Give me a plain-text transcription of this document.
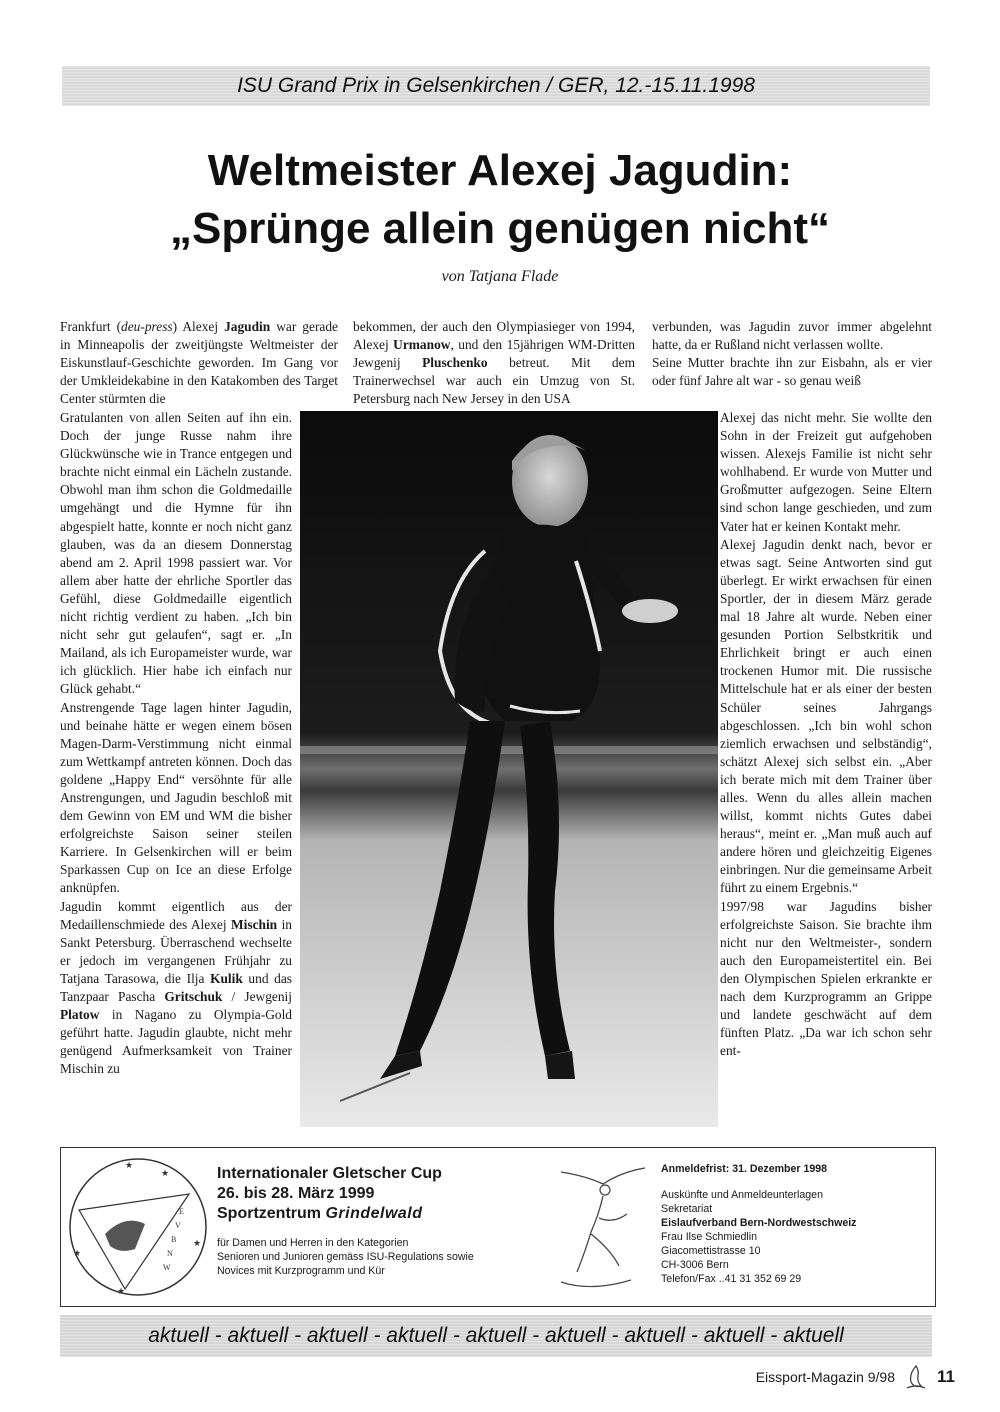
ISU Grand Prix in Gelsenkirchen / GER, 12.-15.11.1998
Weltmeister Alexej Jagudin:
„Sprünge allein genügen nicht“
von Tatjana Flade

Frankfurt (deu-press) Alexej Jagudin war gerade in Minneapolis der zweitjüngste Weltmeister der Eiskunstlauf-Geschichte geworden. Im Gang vor der Umkleidekabine in den Katakomben des Target Center stürmten die

Gratulanten von allen Seiten auf ihn ein. Doch der junge Russe nahm ihre Glückwünsche wie in Trance entgegen und brachte nicht einmal ein Lächeln zustande. Obwohl man ihm schon die Goldmedaille umgehängt und die Hymne für ihn abgespielt hatte, konnte er noch nicht ganz glauben, was da an diesem Donnerstag abend am 2. April 1998 passiert war. Vor allem aber hatte der ehrliche Sportler das Gefühl, diese Goldmedaille eigentlich nicht richtig verdient zu haben. „Ich bin nicht sehr gut gelaufen“, sagt er. „In Mailand, als ich Europameister wurde, war ich glücklich. Hier habe ich einfach nur Glück gehabt.“

Anstrengende Tage lagen hinter Jagudin, und beinahe hätte er wegen einem bösen Magen-Darm-Verstimmung nicht einmal zum Wettkampf antreten können. Doch das goldene „Happy End“ versöhnte für alle Anstrengungen, und Jagudin beschloß mit dem Gewinn von EM und WM die bisher erfolgreichste Saison seiner steilen Karriere. In Gelsenkirchen will er beim Sparkassen Cup on Ice an diese Erfolge anknüpfen.

Jagudin kommt eigentlich aus der Medaillenschmiede des Alexej Mischin in Sankt Petersburg. Überraschend wechselte er jedoch im vergangenen Frühjahr zu Tatjana Tarasowa, die Ilja Kulik und das Tanzpaar Pascha Gritschuk / Jewgenij Platow in Nagano zu Olympia-Gold geführt hatte. Jagudin glaubte, nicht mehr genügend Aufmerksamkeit von Trainer Mischin zu

bekommen, der auch den Olympiasieger von 1994, Alexej Urmanow, und den 15jährigen WM-Dritten Jewgenij Pluschenko betreut. Mit dem Trainerwechsel war auch ein Umzug von St. Petersburg nach New Jersey in den USA

verbunden, was Jagudin zuvor immer abgelehnt hatte, da er Rußland nicht verlassen wollte.

Seine Mutter brachte ihn zur Eisbahn, als er vier oder fünf Jahre alt war - so genau weiß

Alexej das nicht mehr. Sie wollte den Sohn in der Freizeit gut aufgehoben wissen. Alexejs Familie ist nicht sehr wohlhabend. Er wurde von Mutter und Großmutter aufgezogen. Seine Eltern sind schon lange geschieden, und zum Vater hat er keinen Kontakt mehr.

Alexej Jagudin denkt nach, bevor er etwas sagt. Seine Antworten sind gut überlegt. Er wirkt erwachsen für einen Sportler, der in diesem März gerade mal 18 Jahre alt wurde. Neben einer gesunden Portion Selbstkritik und Ehrlichkeit bringt er auch einen trockenen Humor mit. Die russische Mittelschule hat er als einer der besten Schüler seines Jahrgangs abgeschlossen. „Ich bin wohl schon ziemlich erwachsen und selbständig“, schätzt Alexej sich selbst ein. „Aber ich berate mich mit dem Trainer über alles. Wenn du alles allein machen willst, kommt nichts Gutes dabei heraus“, meint er. „Man muß auch auf andere hören und gleichzeitig Eigenes einbringen. Nur die gemeinsame Arbeit führt zu einem Ergebnis.“

1997/98 war Jagudins bisher erfolgreichste Saison. Sie brachte ihm nicht nur den Weltmeister-, sondern auch den Europameistertitel ein. Bei den Olympischen Spielen erkrankte er nach dem Kurzprogramm an Grippe und landete geschwächt auf dem fünften Platz. „Da war ich schon sehr ent-

★
★
★
★
★
E
V
B
N
W
Internationaler Gletscher Cup
26. bis 28. März 1999
Sportzentrum Grindelwald
für Damen und Herren in den Kategorien
Senioren und Junioren gemäss ISU-Regulations sowie
Novices mit Kurzprogramm und Kür
Anmeldefrist: 31. Dezember 1998
Auskünfte und Anmeldeunterlagen
Sekretariat
Eislaufverband Bern-Nordwestschweiz
Frau Ilse Schmiedlin
Giacomettistrasse 10
CH-3006 Bern
Telefon/Fax ..41 31 352 69 29
aktuell - aktuell - aktuell - aktuell - aktuell - aktuell - aktuell - aktuell - aktuell
Eissport-Magazin 9/98 11
